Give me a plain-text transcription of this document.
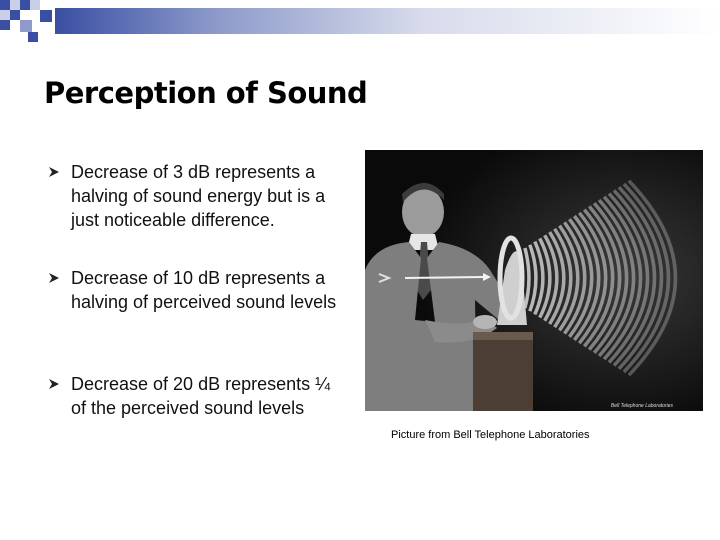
Perception of Sound
Decrease of 3 dB represents a halving of sound energy but is a just noticeable difference.
Decrease of 10 dB represents a halving of perceived sound levels
Decrease of 20 dB represents ¼ of the perceived sound levels	Bell Telephone Laboratories
Picture from Bell Telephone Laboratories
